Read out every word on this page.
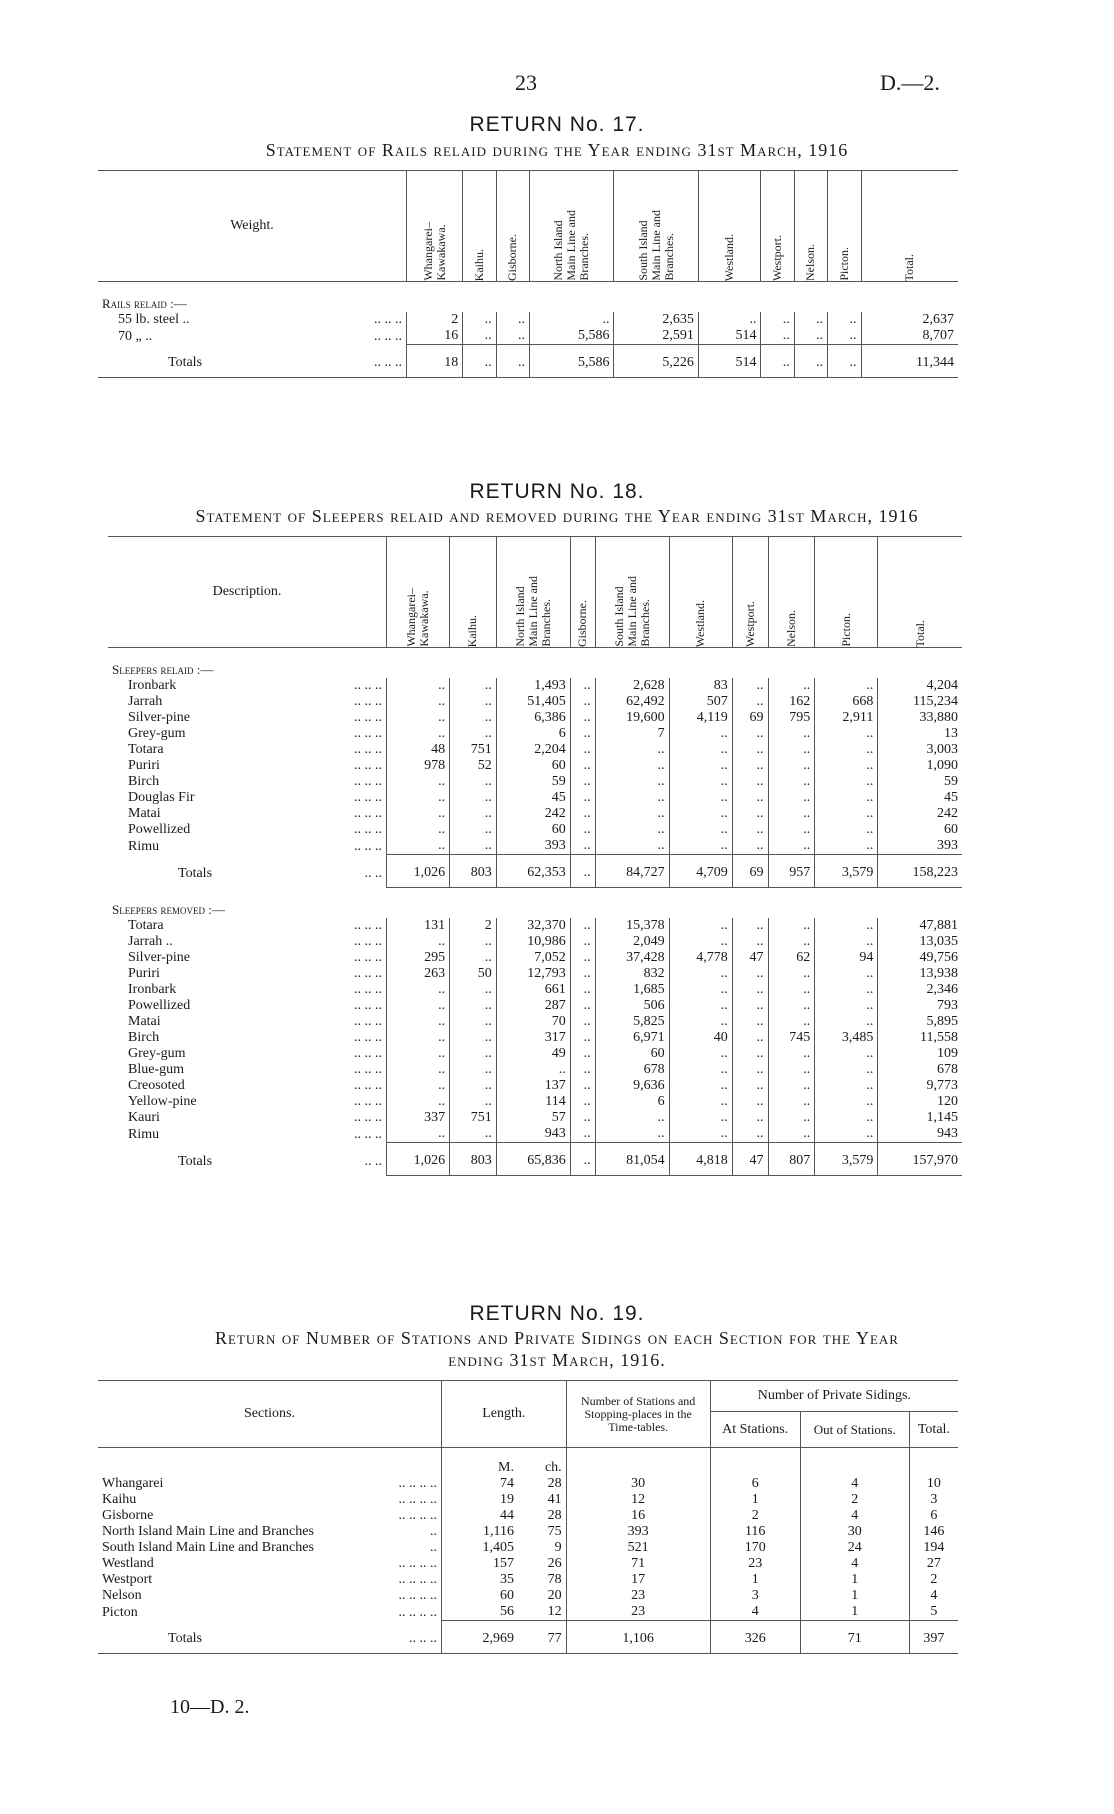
23	D.—2.
RETURN No. 17.
Statement of Rails relaid during the Year ending 31st March, 1916
Weight.	Whangarei–
Kawakawa.	Kaihu.	Gisborne.	North Island
Main Line and
Branches.	South Island
Main Line and
Branches.	Westland.	Westport.	Nelson.	Picton.	Total.

Rails relaid :—										
55 lb. steel .. .. .. ..	2	..	..	..	2,635	..	..	..	..	2,637
70 „ .. .. .. ..	16	..	..	5,586	2,591	514	..	..	..	8,707
Totals .. .. ..	18	..	..	5,586	5,226	514	..	..	..	11,344
RETURN No. 18.
Statement of Sleepers relaid and removed during the Year ending 31st March, 1916
Description.	Whangarei–
Kawakawa.	Kaihu.	North Island
Main Line and
Branches.	Gisborne.	South Island
Main Line and
Branches.	Westland.	Westport.	Nelson.	Picton.	Total.

Sleepers relaid :—										
Ironbark .. .. ..	..	..	1,493	..	2,628	83	..	..	..	4,204
Jarrah .. .. ..	..	..	51,405	..	62,492	507	..	162	668	115,234
Silver-pine .. .. ..	..	..	6,386	..	19,600	4,119	69	795	2,911	33,880
Grey-gum .. .. ..	..	..	6	..	7	..	..	..	..	13
Totara .. .. ..	48	751	2,204	..	..	..	..	..	..	3,003
Puriri .. .. ..	978	52	60	..	..	..	..	..	..	1,090
Birch .. .. ..	..	..	59	..	..	..	..	..	..	59
Douglas Fir .. .. ..	..	..	45	..	..	..	..	..	..	45
Matai .. .. ..	..	..	242	..	..	..	..	..	..	242
Powellized .. .. ..	..	..	60	..	..	..	..	..	..	60
Rimu .. .. ..	..	..	393	..	..	..	..	..	..	393
Totals .. ..	1,026	803	62,353	..	84,727	4,709	69	957	3,579	158,223
Sleepers removed :—										
Totara .. .. ..	131	2	32,370	..	15,378	..	..	..	..	47,881
Jarrah .. .. .. ..	..	..	10,986	..	2,049	..	..	..	..	13,035
Silver-pine .. .. ..	295	..	7,052	..	37,428	4,778	47	62	94	49,756
Puriri .. .. ..	263	50	12,793	..	832	..	..	..	..	13,938
Ironbark .. .. ..	..	..	661	..	1,685	..	..	..	..	2,346
Powellized .. .. ..	..	..	287	..	506	..	..	..	..	793
Matai .. .. ..	..	..	70	..	5,825	..	..	..	..	5,895
Birch .. .. ..	..	..	317	..	6,971	40	..	745	3,485	11,558
Grey-gum .. .. ..	..	..	49	..	60	..	..	..	..	109
Blue-gum .. .. ..	..	..	..	..	678	..	..	..	..	678
Creosoted .. .. ..	..	..	137	..	9,636	..	..	..	..	9,773
Yellow-pine .. .. ..	..	..	114	..	6	..	..	..	..	120
Kauri .. .. ..	337	751	57	..	..	..	..	..	..	1,145
Rimu .. .. ..	..	..	943	..	..	..	..	..	..	943
Totals .. ..	1,026	803	65,836	..	81,054	4,818	47	807	3,579	157,970
RETURN No. 19.
Return of Number of Stations and Private Sidings on each Section for the Year
ending 31st March, 1916.
Sections.	Length.		Number of Stations and Stopping-places in the Time-tables.	Number of Private Sidings.		
				At Stations.	Out of Stations.	Total.
	M.	ch.				
Whangarei .. .. .. ..	74	28	30	6	4	10
Kaihu .. .. .. ..	19	41	12	1	2	3
Gisborne .. .. .. ..	44	28	16	2	4	6
North Island Main Line and Branches ..	1,116	75	393	116	30	146
South Island Main Line and Branches ..	1,405	9	521	170	24	194
Westland .. .. .. ..	157	26	71	23	4	27
Westport .. .. .. ..	35	78	17	1	1	2
Nelson .. .. .. ..	60	20	23	3	1	4
Picton .. .. .. ..	56	12	23	4	1	5
Totals .. .. ..	2,969	77	1,106	326	71	397
10—D. 2.
